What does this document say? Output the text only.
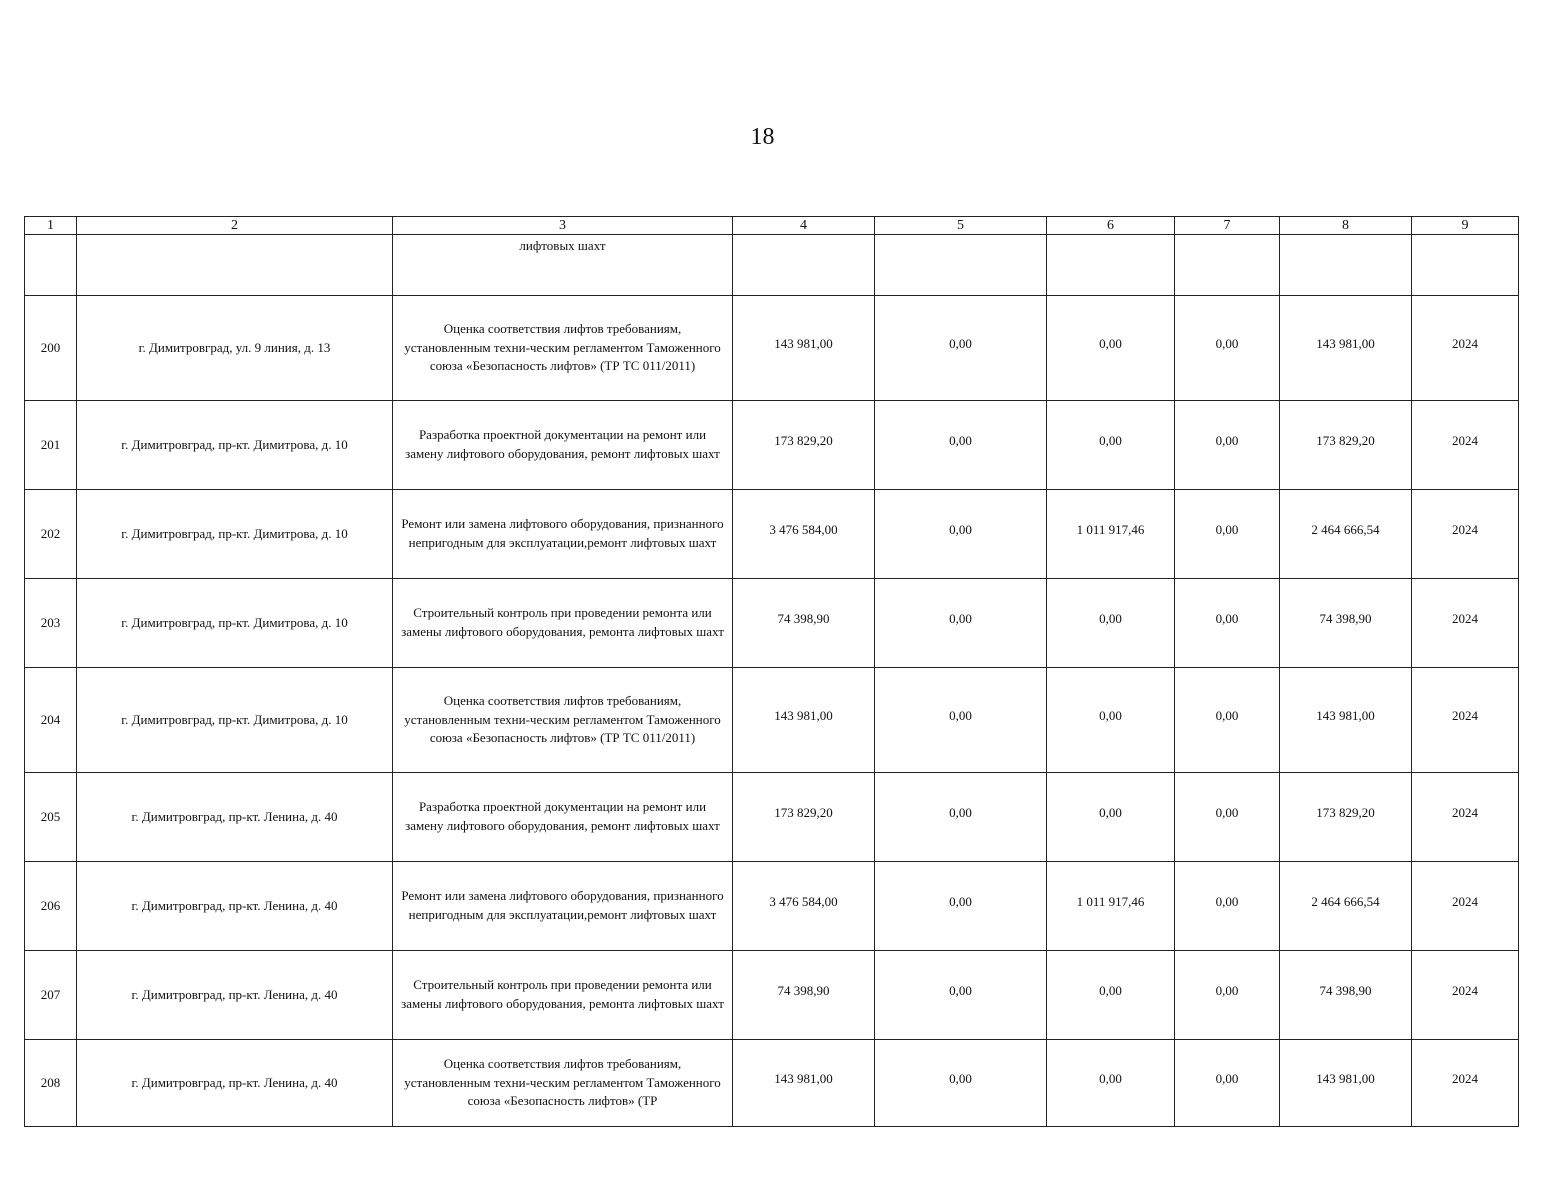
18
1	2	3	4	5	6	7	8	9
		лифтовых шахт						
200	г. Димитровград, ул. 9 линия, д. 13	Оценка соответствия лифтов требованиям, установленным техни-ческим регламентом Таможенного союза «Безопасность лифтов» (ТР ТС 011/2011)	143 981,00	0,00	0,00	0,00	143 981,00	2024
201	г. Димитровград, пр-кт. Димитрова, д. 10	Разработка проектной документации на ремонт или замену лифтового оборудования, ремонт лифтовых шахт	173 829,20	0,00	0,00	0,00	173 829,20	2024
202	г. Димитровград, пр-кт. Димитрова, д. 10	Ремонт или замена лифтового оборудования, признанного непригодным для эксплуатации,ремонт лифтовых шахт	3 476 584,00	0,00	1 011 917,46	0,00	2 464 666,54	2024
203	г. Димитровград, пр-кт. Димитрова, д. 10	Строительный контроль при проведении ремонта или замены лифтового оборудования, ремонта лифтовых шахт	74 398,90	0,00	0,00	0,00	74 398,90	2024
204	г. Димитровград, пр-кт. Димитрова, д. 10	Оценка соответствия лифтов требованиям, установленным техни-ческим регламентом Таможенного союза «Безопасность лифтов» (ТР ТС 011/2011)	143 981,00	0,00	0,00	0,00	143 981,00	2024
205	г. Димитровград, пр-кт. Ленина, д. 40	Разработка проектной документации на ремонт или замену лифтового оборудования, ремонт лифтовых шахт	173 829,20	0,00	0,00	0,00	173 829,20	2024
206	г. Димитровград, пр-кт. Ленина, д. 40	Ремонт или замена лифтового оборудования, признанного непригодным для эксплуатации,ремонт лифтовых шахт	3 476 584,00	0,00	1 011 917,46	0,00	2 464 666,54	2024
207	г. Димитровград, пр-кт. Ленина, д. 40	Строительный контроль при проведении ремонта или замены лифтового оборудования, ремонта лифтовых шахт	74 398,90	0,00	0,00	0,00	74 398,90	2024
208	г. Димитровград, пр-кт. Ленина, д. 40	Оценка соответствия лифтов требованиям, установленным техни-ческим регламентом Таможенного союза «Безопасность лифтов» (ТР	143 981,00	0,00	0,00	0,00	143 981,00	2024
